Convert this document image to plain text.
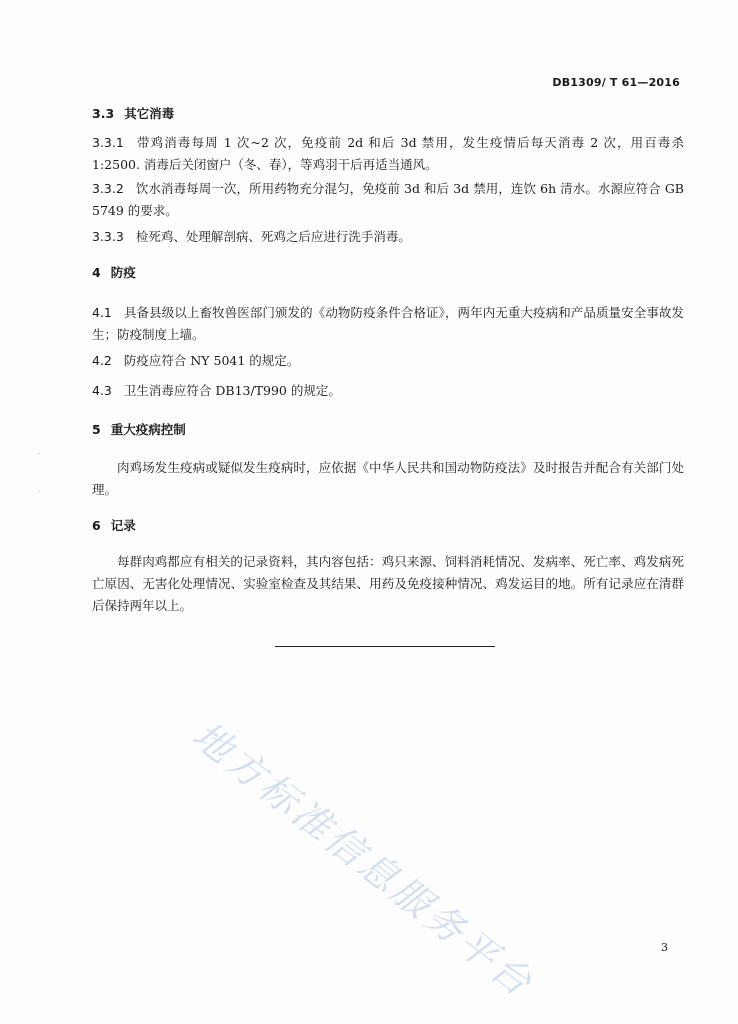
DB1309/ T 61—2016
3.3 其它消毒
3.3.1 带鸡消毒每周 1 次~2 次，免疫前 2d 和后 3d 禁用，发生疫情后每天消毒 2 次，用百毒杀 1:2500. 消毒后关闭窗户（冬、春），等鸡羽干后再适当通风。
3.3.2 饮水消毒每周一次，所用药物充分混匀，免疫前 3d 和后 3d 禁用，连饮 6h 清水。水源应符合 GB 5749 的要求。
3.3.3 检死鸡、处理解剖病、死鸡之后应进行洗手消毒。
4 防疫
4.1 具备县级以上畜牧兽医部门颁发的《动物防疫条件合格证》，两年内无重大疫病和产品质量安全事故发生；防疫制度上墙。
4.2 防疫应符合 NY 5041 的规定。
4.3 卫生消毒应符合 DB13/T990 的规定。
5 重大疫病控制
肉鸡场发生疫病或疑似发生疫病时，应依据《中华人民共和国动物防疫法》及时报告并配合有关部门处理。
6 记录
每群肉鸡都应有相关的记录资料，其内容包括：鸡只来源、饲料消耗情况、发病率、死亡率、鸡发病死亡原因、无害化处理情况、实验室检查及其结果、用药及免疫接种情况、鸡发运目的地。所有记录应在清群后保持两年以上。
地方标准信息服务平台
·
·
3
